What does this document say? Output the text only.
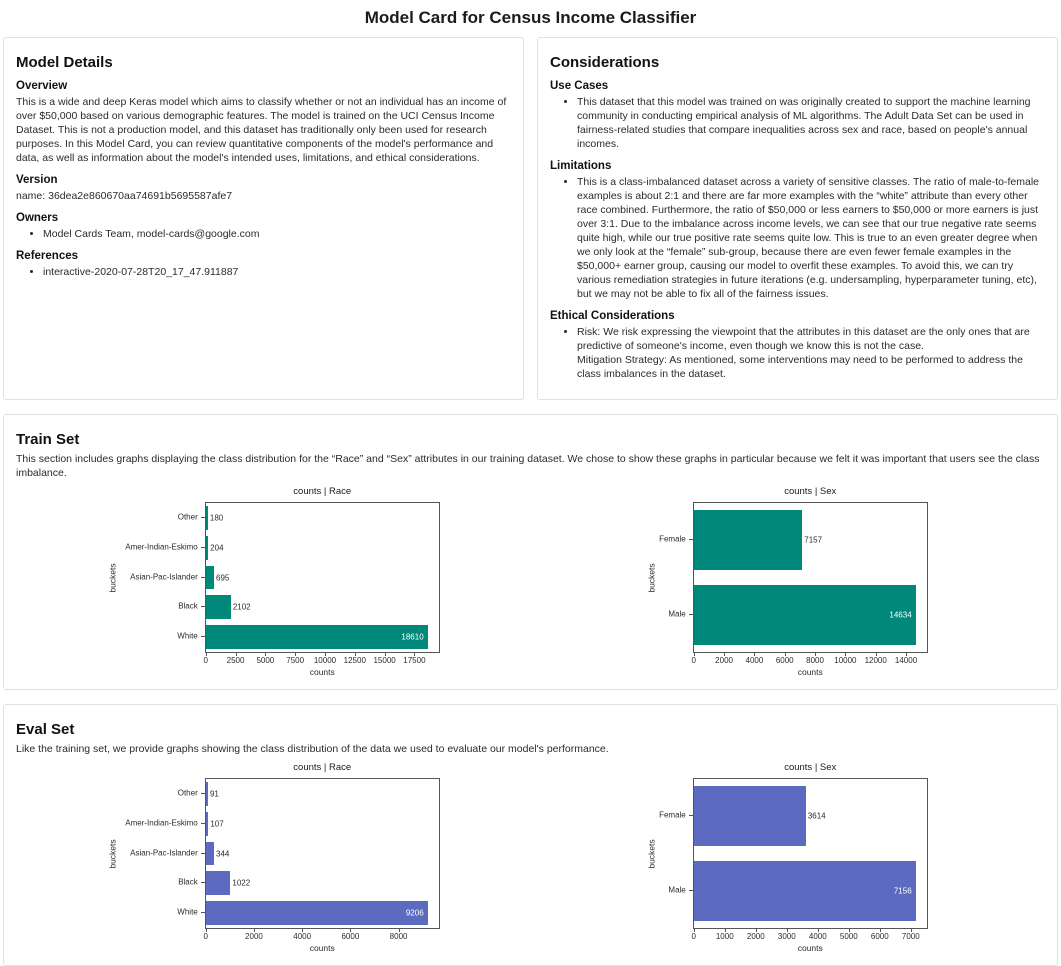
Model Card for Census Income Classifier
Model Details
Overview

This is a wide and deep Keras model which aims to classify whether or not an individual has an income of over $50,000 based on various demographic features. The model is trained on the UCI Census Income Dataset. This is not a production model, and this dataset has traditionally only been used for research purposes. In this Model Card, you can review quantitative components of the model's performance and data, as well as information about the model's intended uses, limitations, and ethical considerations.

Version

name: 36dea2e860670aa74691b5695587afe7

Owners
• Model Cards Team, model-cards@google.com
References
• interactive-2020-07-28T20_17_47.911887
Considerations
Use Cases
• This dataset that this model was trained on was originally created to support the machine learning community in conducting empirical analysis of ML algorithms. The Adult Data Set can be used in fairness-related studies that compare inequalities across sex and race, based on people's annual incomes.
Limitations
• This is a class-imbalanced dataset across a variety of sensitive classes. The ratio of male-to-female examples is about 2:1 and there are far more examples with the “white” attribute than every other race combined. Furthermore, the ratio of $50,000 or less earners to $50,000 or more earners is just over 3:1. Due to the imbalance across income levels, we can see that our true negative rate seems quite high, while our true positive rate seems quite low. This is true to an even greater degree when we only look at the “female” sub-group, because there are even fewer female examples in the $50,000+ earner group, causing our model to overfit these examples. To avoid this, we can try various remediation strategies in future iterations (e.g. undersampling, hyperparameter tuning, etc), but we may not be able to fix all of the fairness issues.
Ethical Considerations
• Risk: We risk expressing the viewpoint that the attributes in this dataset are the only ones that are predictive of someone's income, even though we know this is not the case.
Mitigation Strategy: As mentioned, some interventions may need to be performed to address the class imbalances in the dataset.
Train Set

This section includes graphs displaying the class distribution for the “Race” and “Sex” attributes in our training dataset. We chose to show these graphs in particular because we felt it was important that users see the class imbalance.

buckets
Other
Amer-Indian-Eskimo
Asian-Pac-Islander
Black
White
counts | Race
180
204
695
2102
18610
0 2500 5000 7500 10000 12500 15000 17500
counts
buckets
Female
Male
counts | Sex
7157
14634
0 2000 4000 6000 8000 10000 12000 14000
counts
Eval Set

Like the training set, we provide graphs showing the class distribution of the data we used to evaluate our model's performance.

buckets
Other
Amer-Indian-Eskimo
Asian-Pac-Islander
Black
White
counts | Race
91
107
344
1022
9206
0	2000	4000	6000	8000
counts
buckets
Female
Male
counts | Sex
3614
7156
0 1000 2000 3000 4000 5000 6000 7000
counts
